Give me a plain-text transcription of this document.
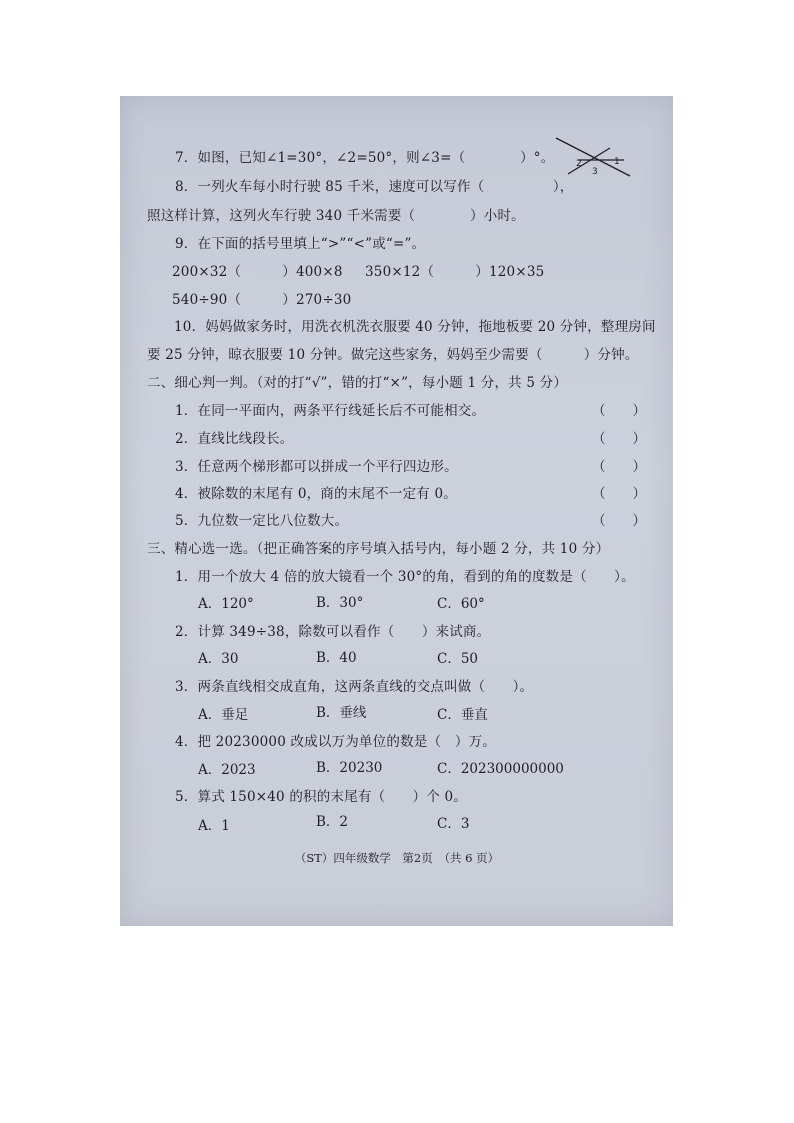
7．如图，已知∠1=30°，∠2=50°，则∠3=（　　　　）°。 2	1
3
8．一列火车每小时行驶 85 千米，速度可以写作（　　　　　），
照这样计算，这列火车行驶 340 千米需要（　　　　）小时。
9．在下面的括号里填上“>”“<”或“=”。
200×32（　　　）400×8 350×12（　　　）120×35
540÷90（　　　）270÷30
10．妈妈做家务时，用洗衣机洗衣服要 40 分钟，拖地板要 20 分钟，整理房间
要 25 分钟，晾衣服要 10 分钟。做完这些家务，妈妈至少需要（　　　）分钟。
二、细心判一判。（对的打“√”，错的打“×”，每小题 1 分，共 5 分）
1．在同一平面内，两条平行线延长后不可能相交。	（　　）
2．直线比线段长。	（　　）
3．任意两个梯形都可以拼成一个平行四边形。	（　　）
4．被除数的末尾有 0，商的末尾不一定有 0。	（　　）
5．九位数一定比八位数大。	（　　）
三、精心选一选。（把正确答案的序号填入括号内，每小题 2 分，共 10 分）
1．用一个放大 4 倍的放大镜看一个 30°的角，看到的角的度数是（　　）。
A．120°	B．30°	C．60°
2．计算 349÷38，除数可以看作（　　）来试商。
A．30	B．40	C．50
3．两条直线相交成直角，这两条直线的交点叫做（　　）。
A．垂足	B．垂线	C．垂直
4．把 20230000 改成以万为单位的数是（　）万。
A．2023	B．20230	C．202300000000
5．算式 150×40 的积的末尾有（　　）个 0。
A．1	B．2	C．3
（ST）四年级数学　第2页　（共 6 页）
